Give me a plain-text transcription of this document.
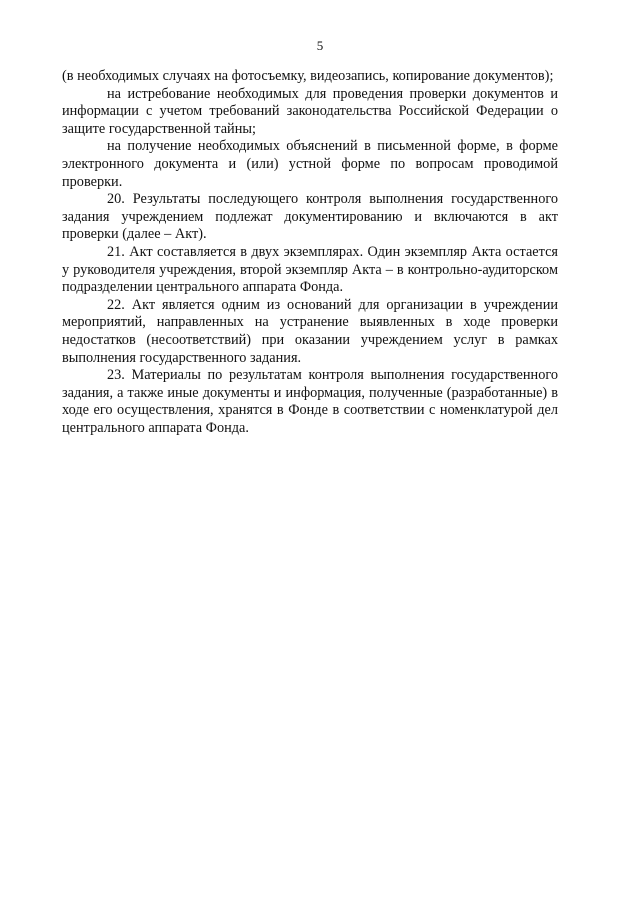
5

(в необходимых случаях на фотосъемку, видеозапись, копирование документов);

на истребование необходимых для проведения проверки документов и информации с учетом требований законодательства Российской Федерации о защите государственной тайны;

на получение необходимых объяснений в письменной форме, в форме электронного документа и (или) устной форме по вопросам проводимой проверки.

20. Результаты последующего контроля выполнения государственного задания учреждением подлежат документированию и включаются в акт проверки (далее – Акт).

21. Акт составляется в двух экземплярах. Один экземпляр Акта остается у руководителя учреждения, второй экземпляр Акта – в контрольно-аудиторском подразделении центрального аппарата Фонда.

22. Акт является одним из оснований для организации в учреждении мероприятий, направленных на устранение выявленных в ходе проверки недостатков (несоответствий) при оказании учреждением услуг в рамках выполнения государственного задания.

23. Материалы по результатам контроля выполнения государственного задания, а также иные документы и информация, полученные (разработанные) в ходе его осуществления, хранятся в Фонде в соответствии с номенклатурой дел центрального аппарата Фонда.
